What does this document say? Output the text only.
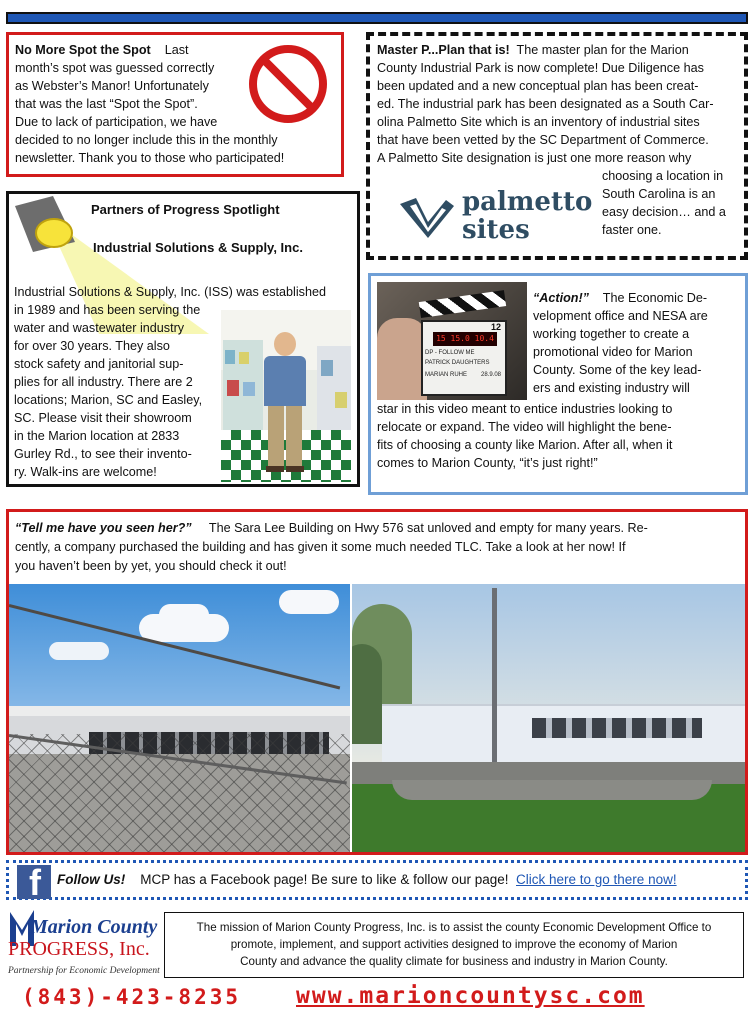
No More Spot the Spot Last
month’s spot was guessed correctly
as Webster’s Manor! Unfortunately
that was the last “Spot the Spot”.
Due to lack of participation, we have
decided to no longer include this in the monthly
newsletter. Thank you to those who participated!
Master P...Plan that is! The master plan for the Marion
County Industrial Park is now complete! Due Diligence has
been updated and a new conceptual plan has been creat-
ed. The industrial park has been designated as a South Car-
olina Palmetto Site which is an inventory of industrial sites
that have been vetted by the SC Department of Commerce.
A Palmetto Site designation is just one more reason why
choosing a location in
South Carolina is an
easy decision… and a
faster one.
palmetto
sites
Partners of Progress Spotlight
Industrial Solutions & Supply, Inc.
Industrial Solutions & Supply, Inc. (ISS) was established
in 1989 and has been serving the
water and wastewater industry
for over 30 years. They also
stock safety and janitorial sup-
plies for all industry. There are 2
locations; Marion, SC and Easley,
SC. Please visit their showroom
in the Marion location at 2833
Gurley Rd., to see their invento-
ry. Walk-ins are welcome!
12
15 15.0 10.4
DP - FOLLOW ME
PATRICK DAUGHTERS
MARIAN RUHE 28.9.08
“Action!” The Economic De-
velopment office and NESA are
working together to create a
promotional video for Marion
County. Some of the key lead-
ers and existing industry will
star in this video meant to entice industries looking to
relocate or expand. The video will highlight the bene-
fits of choosing a county like Marion. After all, when it
comes to Marion County, “it’s just right!”
“Tell me have you seen her?” The Sara Lee Building on Hwy 576 sat unloved and empty for many years. Re-
cently, a company purchased the building and has given it some much needed TLC. Take a look at her now! If
you haven’t been by yet, you should check it out!
f Follow Us! MCP has a Facebook page! Be sure to like & follow our page! Click here to go there now!
Marion County
PROGRESS, Inc.
Partnership for Economic Development
The mission of Marion County Progress, Inc. is to assist the county Economic Development Office to
promote, implement, and support activities designed to improve the economy of Marion
County and advance the quality climate for business and industry in Marion County.
(843)-423-8235 www.marioncountysc.com
